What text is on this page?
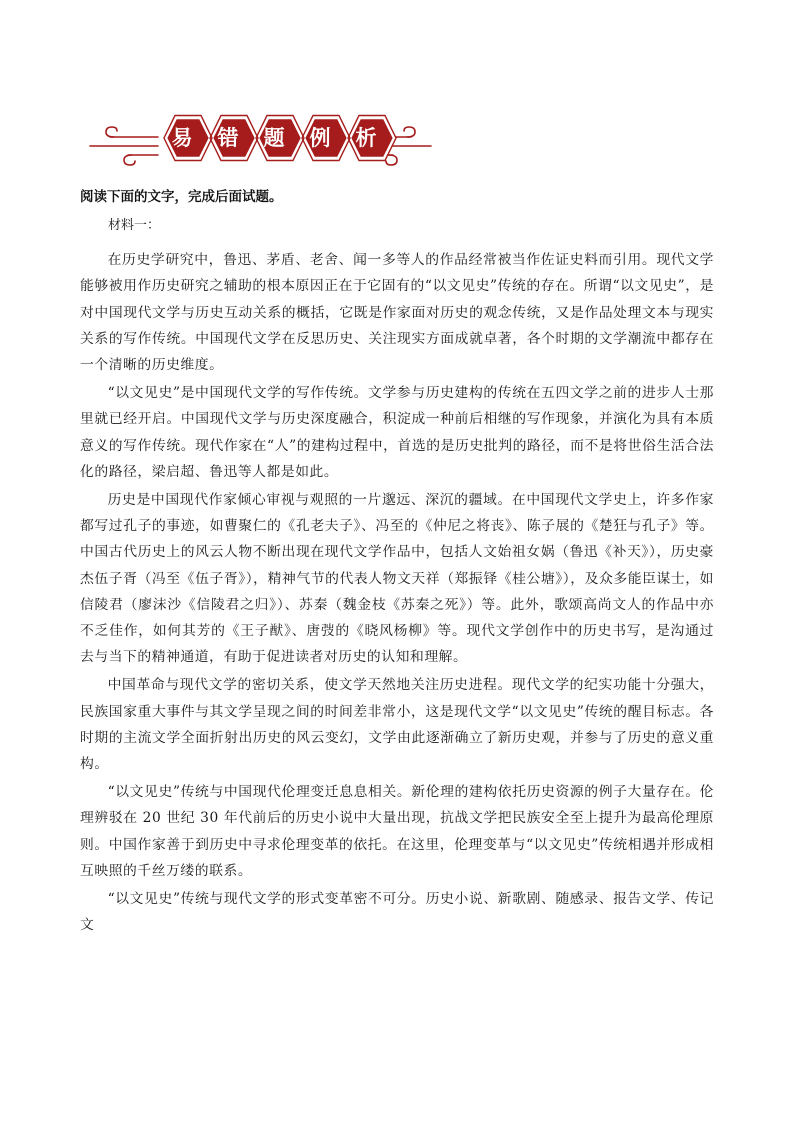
易	错	题	例	析
阅读下面的文字，完成后面试题。
材料一：

在历史学研究中，鲁迅、茅盾、老舍、闻一多等人的作品经常被当作佐证史料而引用。现代文学能够被用作历史研究之辅助的根本原因正在于它固有的“以文见史”传统的存在。所谓“以文见史”，是对中国现代文学与历史互动关系的概括，它既是作家面对历史的观念传统，又是作品处理文本与现实关系的写作传统。中国现代文学在反思历史、关注现实方面成就卓著，各个时期的文学潮流中都存在一个清晰的历史维度。

“以文见史”是中国现代文学的写作传统。文学参与历史建构的传统在五四文学之前的进步人士那里就已经开启。中国现代文学与历史深度融合，积淀成一种前后相继的写作现象，并演化为具有本质意义的写作传统。现代作家在“人”的建构过程中，首选的是历史批判的路径，而不是将世俗生活合法化的路径，梁启超、鲁迅等人都是如此。

历史是中国现代作家倾心审视与观照的一片邈远、深沉的疆域。在中国现代文学史上，许多作家都写过孔子的事迹，如曹聚仁的《孔老夫子》、冯至的《仲尼之将丧》、陈子展的《楚狂与孔子》等。中国古代历史上的风云人物不断出现在现代文学作品中，包括人文始祖女娲（鲁迅《补天》），历史豪杰伍子胥（冯至《伍子胥》），精神气节的代表人物文天祥（郑振铎《桂公塘》），及众多能臣谋士，如信陵君（廖沫沙《信陵君之归》）、苏秦（魏金枝《苏秦之死》）等。此外，歌颂高尚文人的作品中亦不乏佳作，如何其芳的《王子猷》、唐弢的《晓风杨柳》等。现代文学创作中的历史书写，是沟通过去与当下的精神通道，有助于促进读者对历史的认知和理解。

中国革命与现代文学的密切关系，使文学天然地关注历史进程。现代文学的纪实功能十分强大，民族国家重大事件与其文学呈现之间的时间差非常小，这是现代文学“以文见史”传统的醒目标志。各时期的主流文学全面折射出历史的风云变幻，文学由此逐渐确立了新历史观，并参与了历史的意义重构。

“以文见史”传统与中国现代伦理变迁息息相关。新伦理的建构依托历史资源的例子大量存在。伦理辨驳在 20 世纪 30 年代前后的历史小说中大量出现，抗战文学把民族安全至上提升为最高伦理原则。中国作家善于到历史中寻求伦理变革的依托。在这里，伦理变革与“以文见史”传统相遇并形成相互映照的千丝万缕的联系。

“以文见史”传统与现代文学的形式变革密不可分。历史小说、新歌剧、随感录、报告文学、传记文
